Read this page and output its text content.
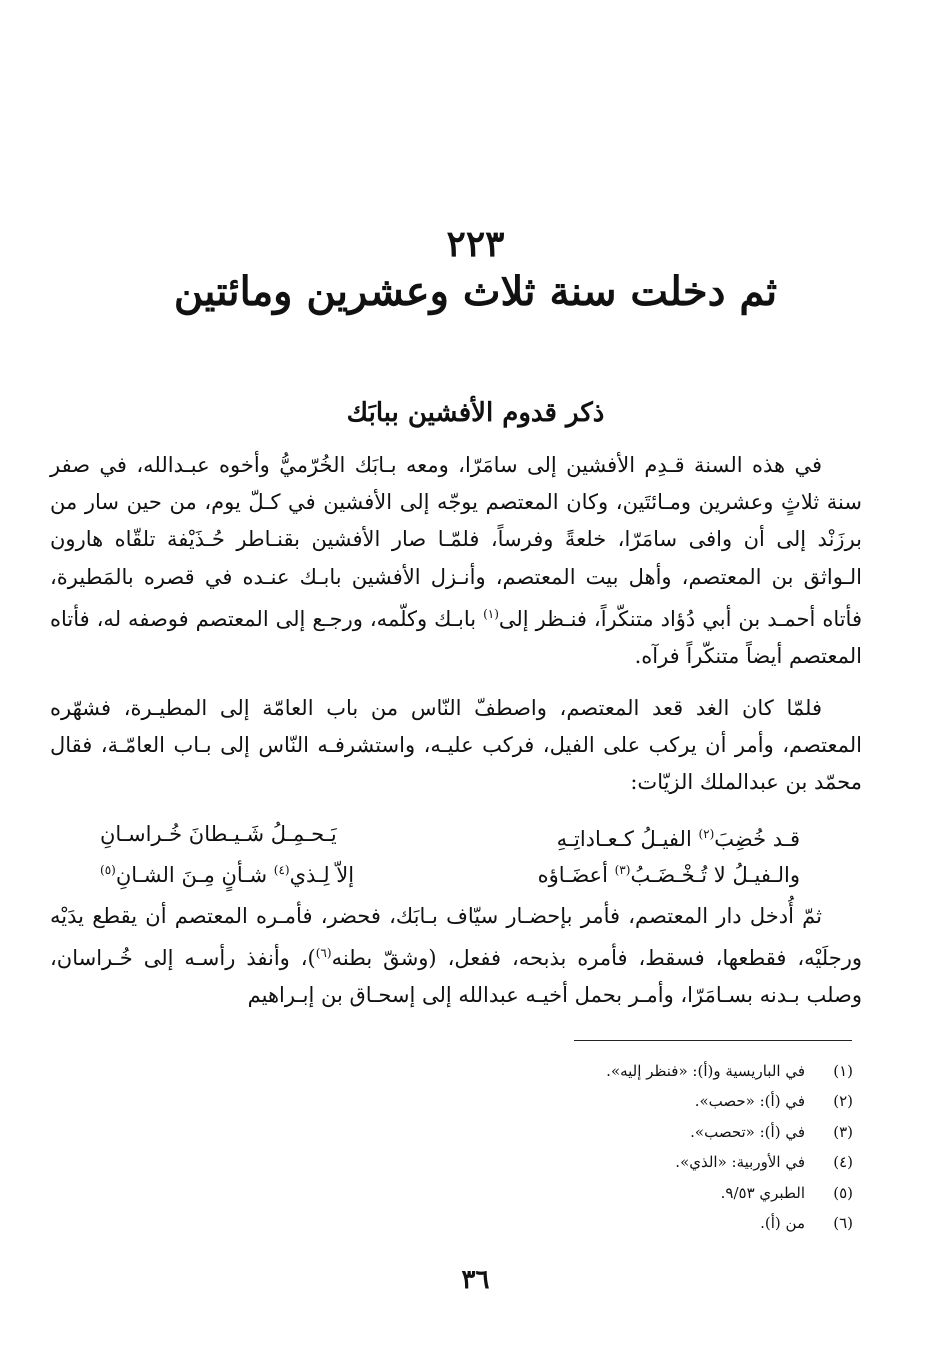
٢٢٣
ثم دخلت سنة ثلاث وعشرين ومائتين
ذكر قدوم الأفشين ببابَك
في هذه السنة قـدِم الأفشين إلى سامَرّا، ومعه بـابَك الخُرّميُّ وأخوه عبـدالله، في صفر سنة ثلاثٍ وعشرين ومـائتَين، وكان المعتصم يوجّه إلى الأفشين في كـلّ يوم، من حين سار من برزَنْد إلى أن وافى سامَرّا، خلعةً وفرساً، فلمّـا صار الأفشين بقنـاطر حُـذَيْفة تلقّاه هارون الـواثق بن المعتصم، وأهل بيت المعتصم، وأنـزل الأفشين بابـك عنـده في قصره بالمَطيرة، فأتاه أحمـد بن أبي دُؤاد متنكّراً، فنـظر إلى$^{(١)}$ بابـك وكلّمه، ورجـع إلى المعتصم فوصفه له، فأتاه المعتصم أيضاً متنكّراً فرآه.
فلمّا كان الغد قعد المعتصم، واصطفّ النّاس من باب العامّة إلى المطيـرة، فشهّره المعتصم، وأمر أن يركب على الفيل، فركب عليـه، واستشرفـه النّاس إلى بـاب العامّـة، فقال محمّد بن عبدالملك الزيّات:
قـد خُضِبَ$^{(٢)}$ الفيـلُ كـعـاداتِـهِ
يَـحـمِـلُ شَـيـطانَ خُـراسـانِ
والـفيـلُ لا تُـخْـضَـبُ$^{(٣)}$ أعضَـاؤه
إلاّ لِـذي$^{(٤)}$ شـأنٍ مِـنَ الشـانِ$^{(٥)}$
ثمّ أُدخل دار المعتصم، فأمر بإحضـار سيّاف بـابَك، فحضر، فأمـره المعتصم أن يقطع يدَيْه ورجلَيْه، فقطعها، فسقط، فأمره بذبحه، ففعل، (وشقّ بطنه$^{(٦)}$)، وأنفذ رأسـه إلى خُـراسان، وصلب بـدنه بسـامَرّا، وأمـر بحمل أخيـه عبدالله إلى إسحـاق بن إبـراهيم
(١)
في الباريسية و(أ): «فنظر إليه».
(٢)
في (أ): «حصب».
(٣)
في (أ): «تحصب».
(٤)
في الأوربية: «الذي».
(٥)
الطبري ٩/٥٣.
(٦)
من (أ).
٣٦
